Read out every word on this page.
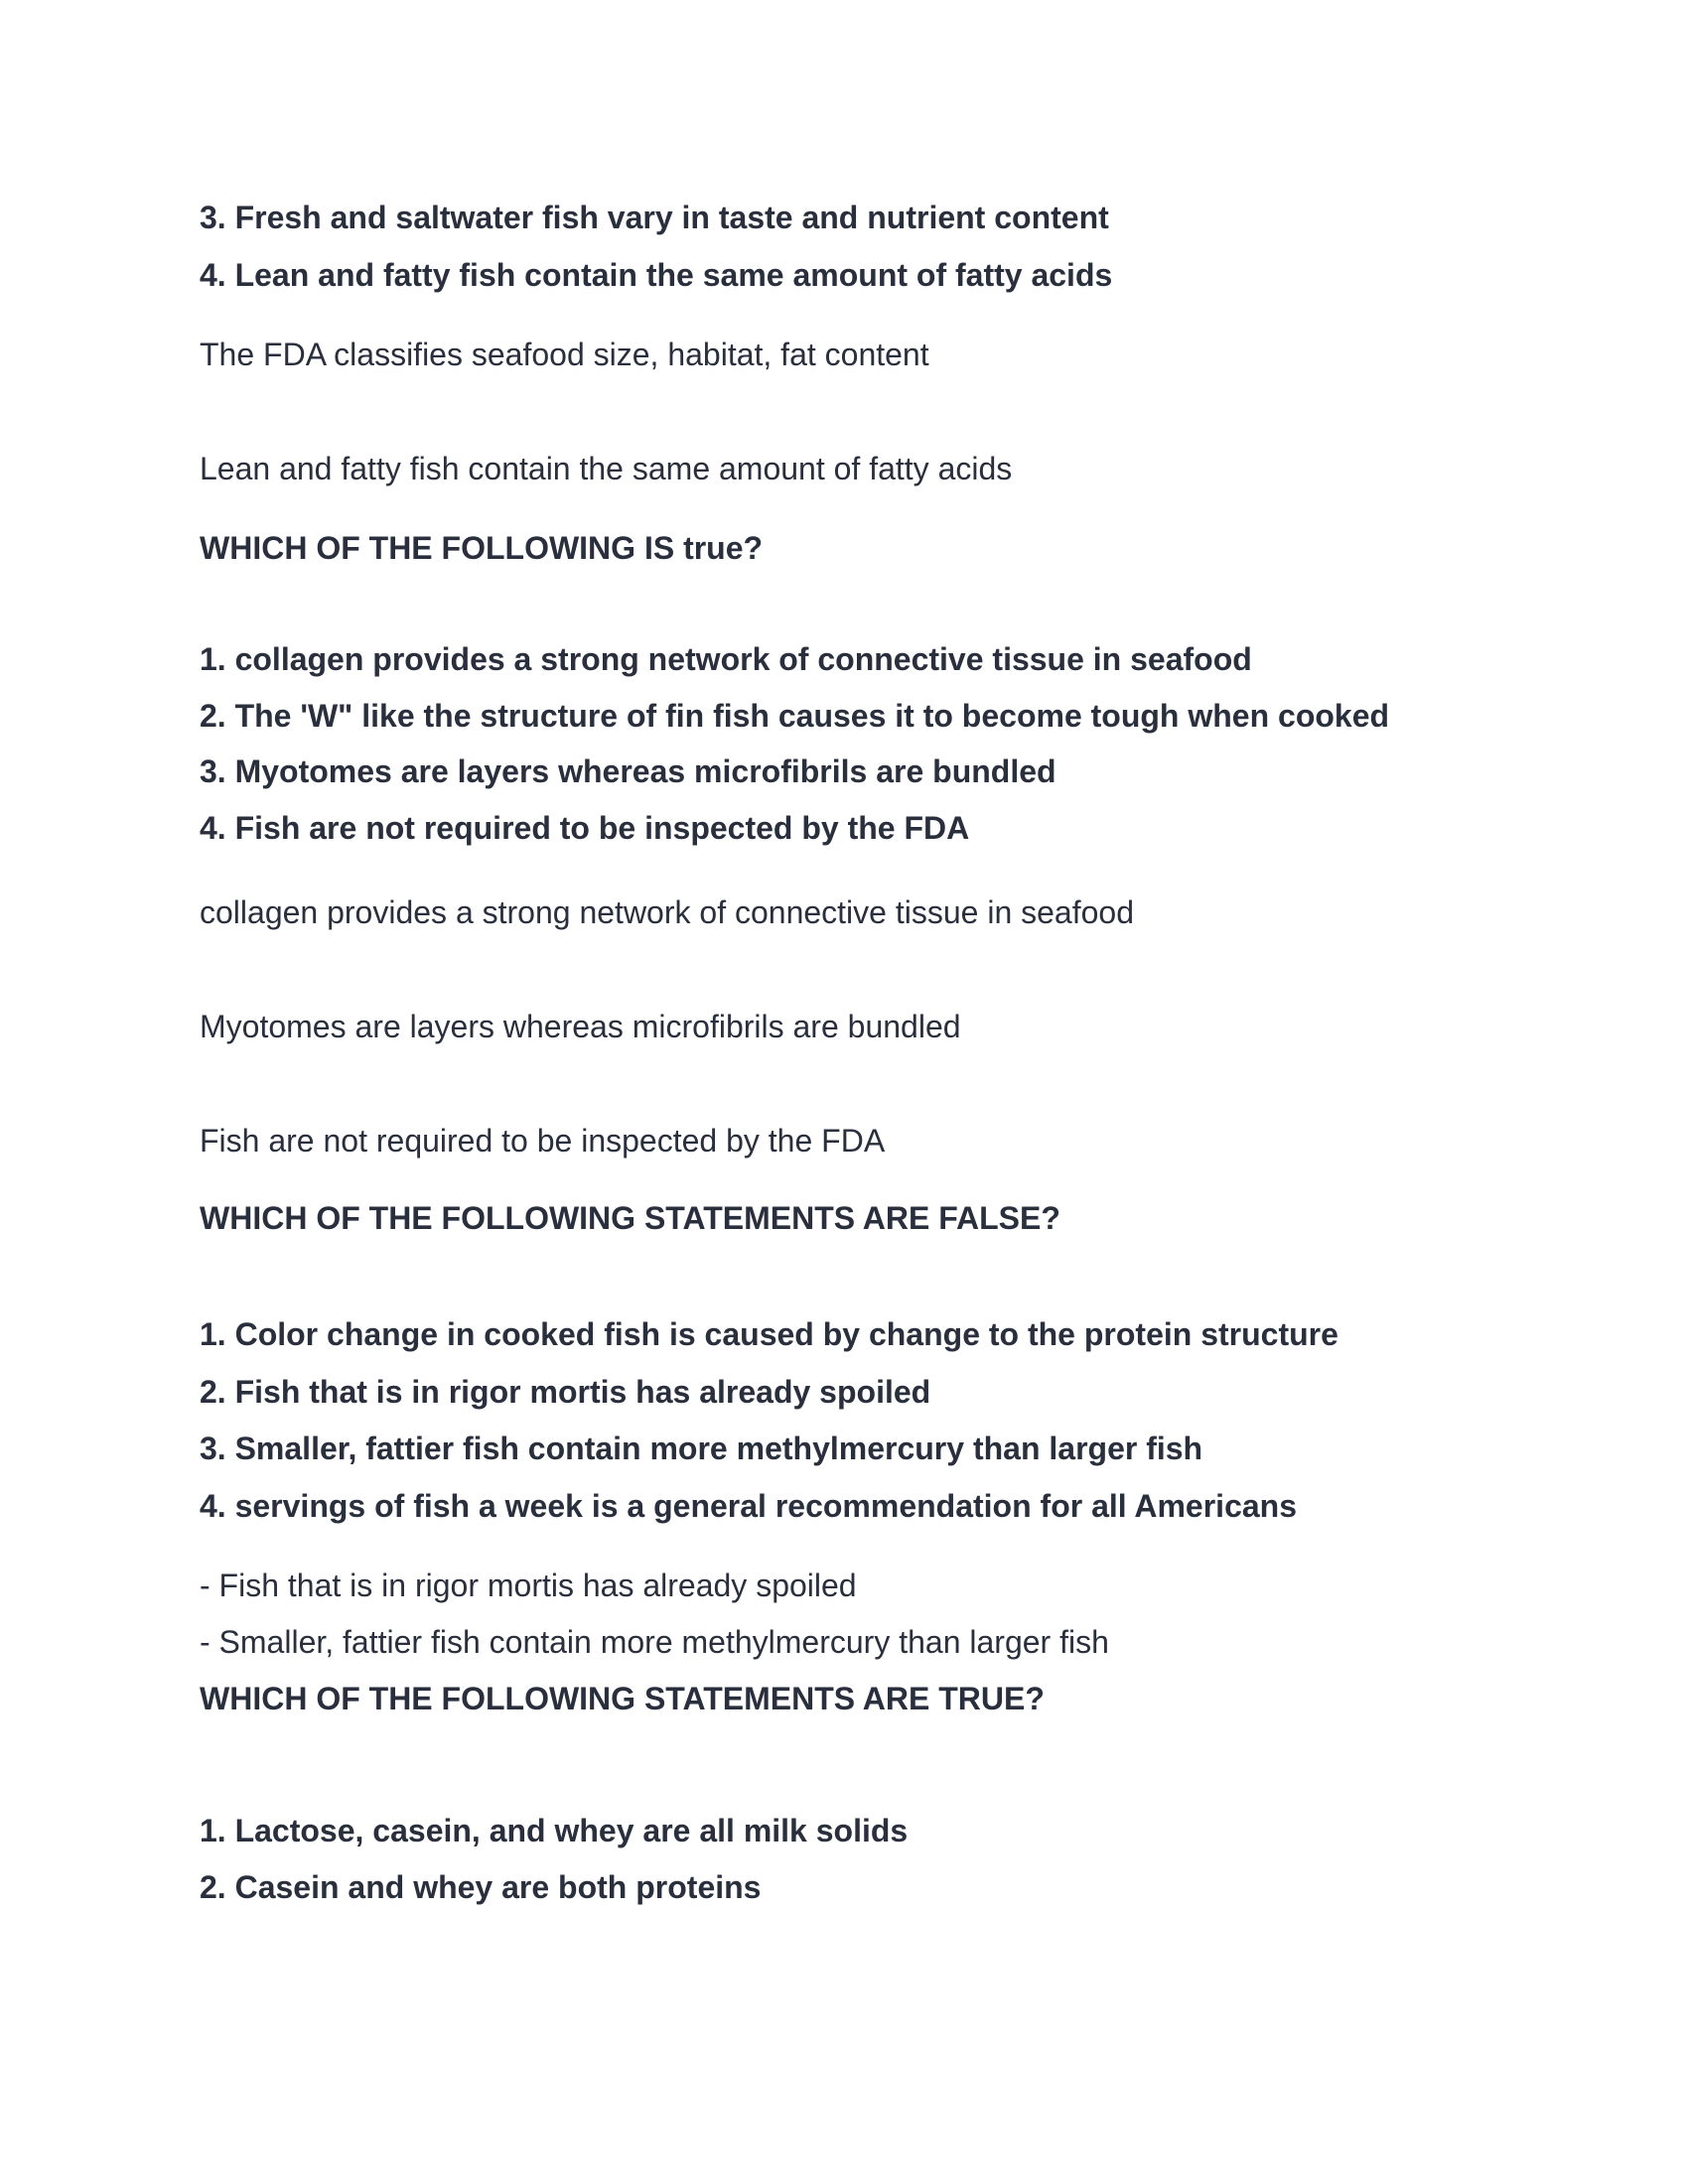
3. Fresh and saltwater fish vary in taste and nutrient content

4. Lean and fatty fish contain the same amount of fatty acids

The FDA classifies seafood size, habitat, fat content

Lean and fatty fish contain the same amount of fatty acids

WHICH OF THE FOLLOWING IS true?

1. collagen provides a strong network of connective tissue in seafood

2. The 'W" like the structure of fin fish causes it to become tough when cooked

3. Myotomes are layers whereas microfibrils are bundled

4. Fish are not required to be inspected by the FDA

collagen provides a strong network of connective tissue in seafood

Myotomes are layers whereas microfibrils are bundled

Fish are not required to be inspected by the FDA

WHICH OF THE FOLLOWING STATEMENTS ARE FALSE?

1. Color change in cooked fish is caused by change to the protein structure

2. Fish that is in rigor mortis has already spoiled

3. Smaller, fattier fish contain more methylmercury than larger fish

4. servings of fish a week is a general recommendation for all Americans

- Fish that is in rigor mortis has already spoiled

- Smaller, fattier fish contain more methylmercury than larger fish

WHICH OF THE FOLLOWING STATEMENTS ARE TRUE?

1. Lactose, casein, and whey are all milk solids

2. Casein and whey are both proteins
